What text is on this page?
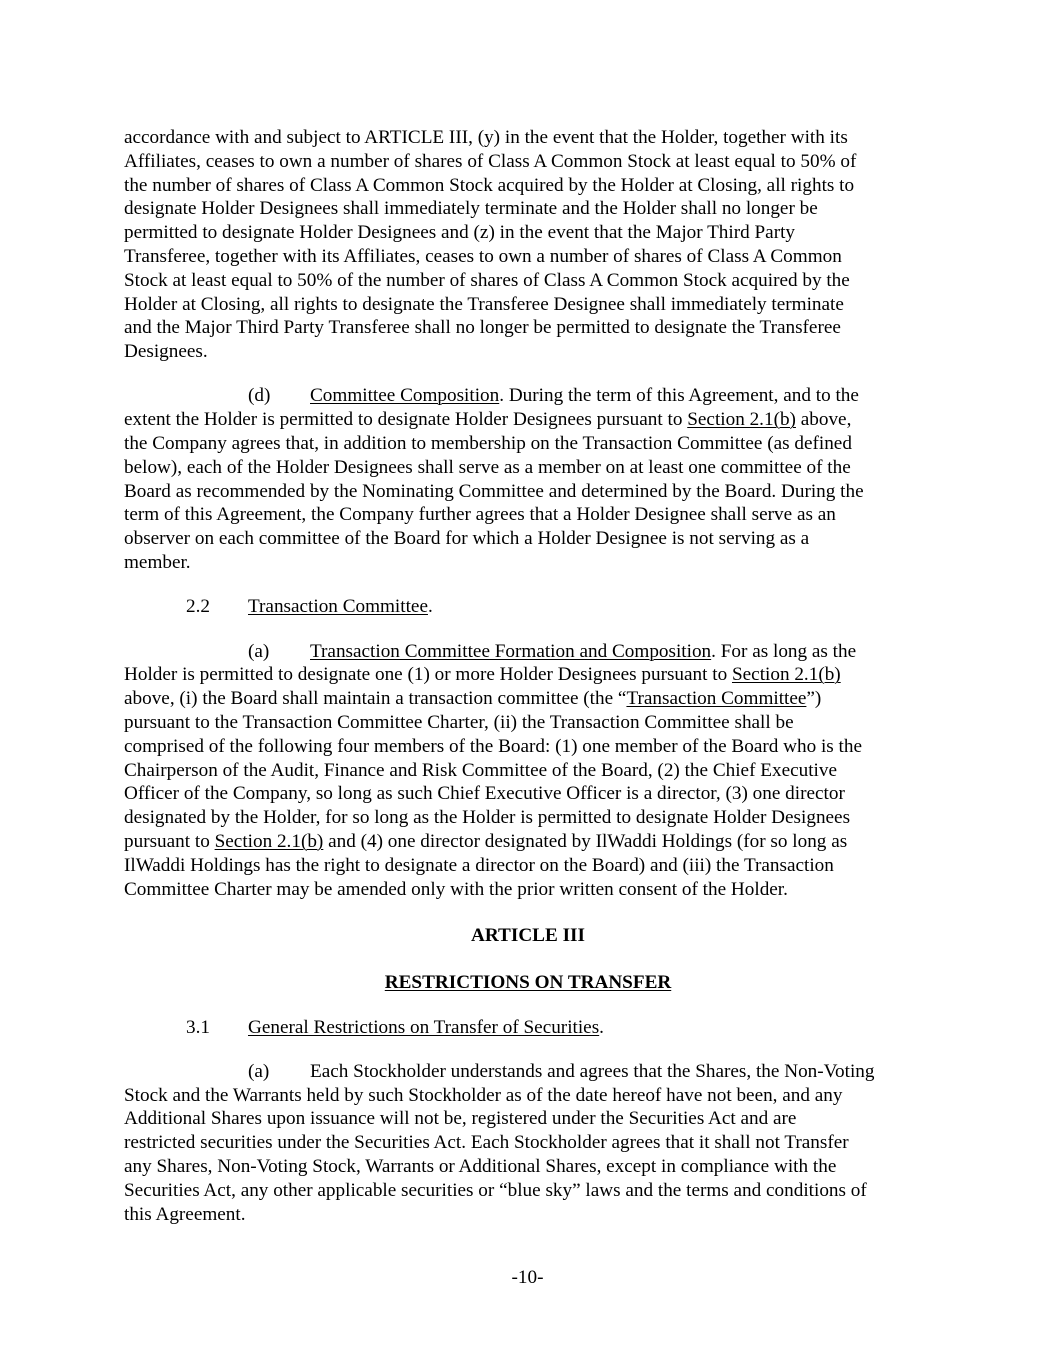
accordance with and subject to ARTICLE III, (y) in the event that the Holder, together with its
Affiliates, ceases to own a number of shares of Class A Common Stock at least equal to 50% of
the number of shares of Class A Common Stock acquired by the Holder at Closing, all rights to
designate Holder Designees shall immediately terminate and the Holder shall no longer be
permitted to designate Holder Designees and (z) in the event that the Major Third Party
Transferee, together with its Affiliates, ceases to own a number of shares of Class A Common
Stock at least equal to 50% of the number of shares of Class A Common Stock acquired by the
Holder at Closing, all rights to designate the Transferee Designee shall immediately terminate
and the Major Third Party Transferee shall no longer be permitted to designate the Transferee
Designees.

(d) Committee Composition. During the term of this Agreement, and to the
extent the Holder is permitted to designate Holder Designees pursuant to Section 2.1(b) above,
the Company agrees that, in addition to membership on the Transaction Committee (as defined
below), each of the Holder Designees shall serve as a member on at least one committee of the
Board as recommended by the Nominating Committee and determined by the Board. During the
term of this Agreement, the Company further agrees that a Holder Designee shall serve as an
observer on each committee of the Board for which a Holder Designee is not serving as a
member.

2.2 Transaction Committee.

(a) Transaction Committee Formation and Composition. For as long as the
Holder is permitted to designate one (1) or more Holder Designees pursuant to Section 2.1(b)
above, (i) the Board shall maintain a transaction committee (the “Transaction Committee”)
pursuant to the Transaction Committee Charter, (ii) the Transaction Committee shall be
comprised of the following four members of the Board: (1) one member of the Board who is the
Chairperson of the Audit, Finance and Risk Committee of the Board, (2) the Chief Executive
Officer of the Company, so long as such Chief Executive Officer is a director, (3) one director
designated by the Holder, for so long as the Holder is permitted to designate Holder Designees
pursuant to Section 2.1(b) and (4) one director designated by IlWaddi Holdings (for so long as
IlWaddi Holdings has the right to designate a director on the Board) and (iii) the Transaction
Committee Charter may be amended only with the prior written consent of the Holder.

ARTICLE III

RESTRICTIONS ON TRANSFER

3.1 General Restrictions on Transfer of Securities.

(a) Each Stockholder understands and agrees that the Shares, the Non-Voting
Stock and the Warrants held by such Stockholder as of the date hereof have not been, and any
Additional Shares upon issuance will not be, registered under the Securities Act and are
restricted securities under the Securities Act. Each Stockholder agrees that it shall not Transfer
any Shares, Non-Voting Stock, Warrants or Additional Shares, except in compliance with the
Securities Act, any other applicable securities or “blue sky” laws and the terms and conditions of
this Agreement.

-10-
